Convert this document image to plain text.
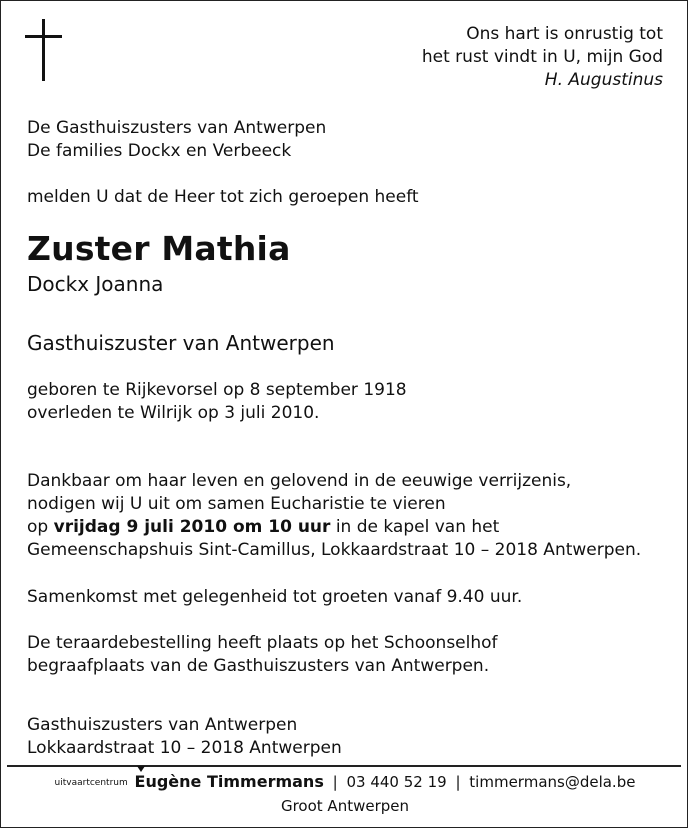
Ons hart is onrustig tot
het rust vindt in U, mijn God
H. Augustinus
De Gasthuiszusters van Antwerpen
De families Dockx en Verbeeck
melden U dat de Heer tot zich geroepen heeft
Zuster Mathia
Dockx Joanna
Gasthuiszuster van Antwerpen
geboren te Rijkevorsel op 8 september 1918
overleden te Wilrijk op 3 juli 2010.
Dankbaar om haar leven en gelovend in de eeuwige verrijzenis,
nodigen wij U uit om samen Eucharistie te vieren
op vrijdag 9 juli 2010 om 10 uur in de kapel van het
Gemeenschapshuis Sint-Camillus, Lokkaardstraat 10 – 2018 Antwerpen.
Samenkomst met gelegenheid tot groeten vanaf 9.40 uur.
De teraardebestelling heeft plaats op het Schoonselhof
begraafplaats van de Gasthuiszusters van Antwerpen.
Gasthuiszusters van Antwerpen
Lokkaardstraat 10 – 2018 Antwerpen
uitvaartcentrum Eugène Timmermans | 03 440 52 19 | timmermans@dela.be
Groot Antwerpen
